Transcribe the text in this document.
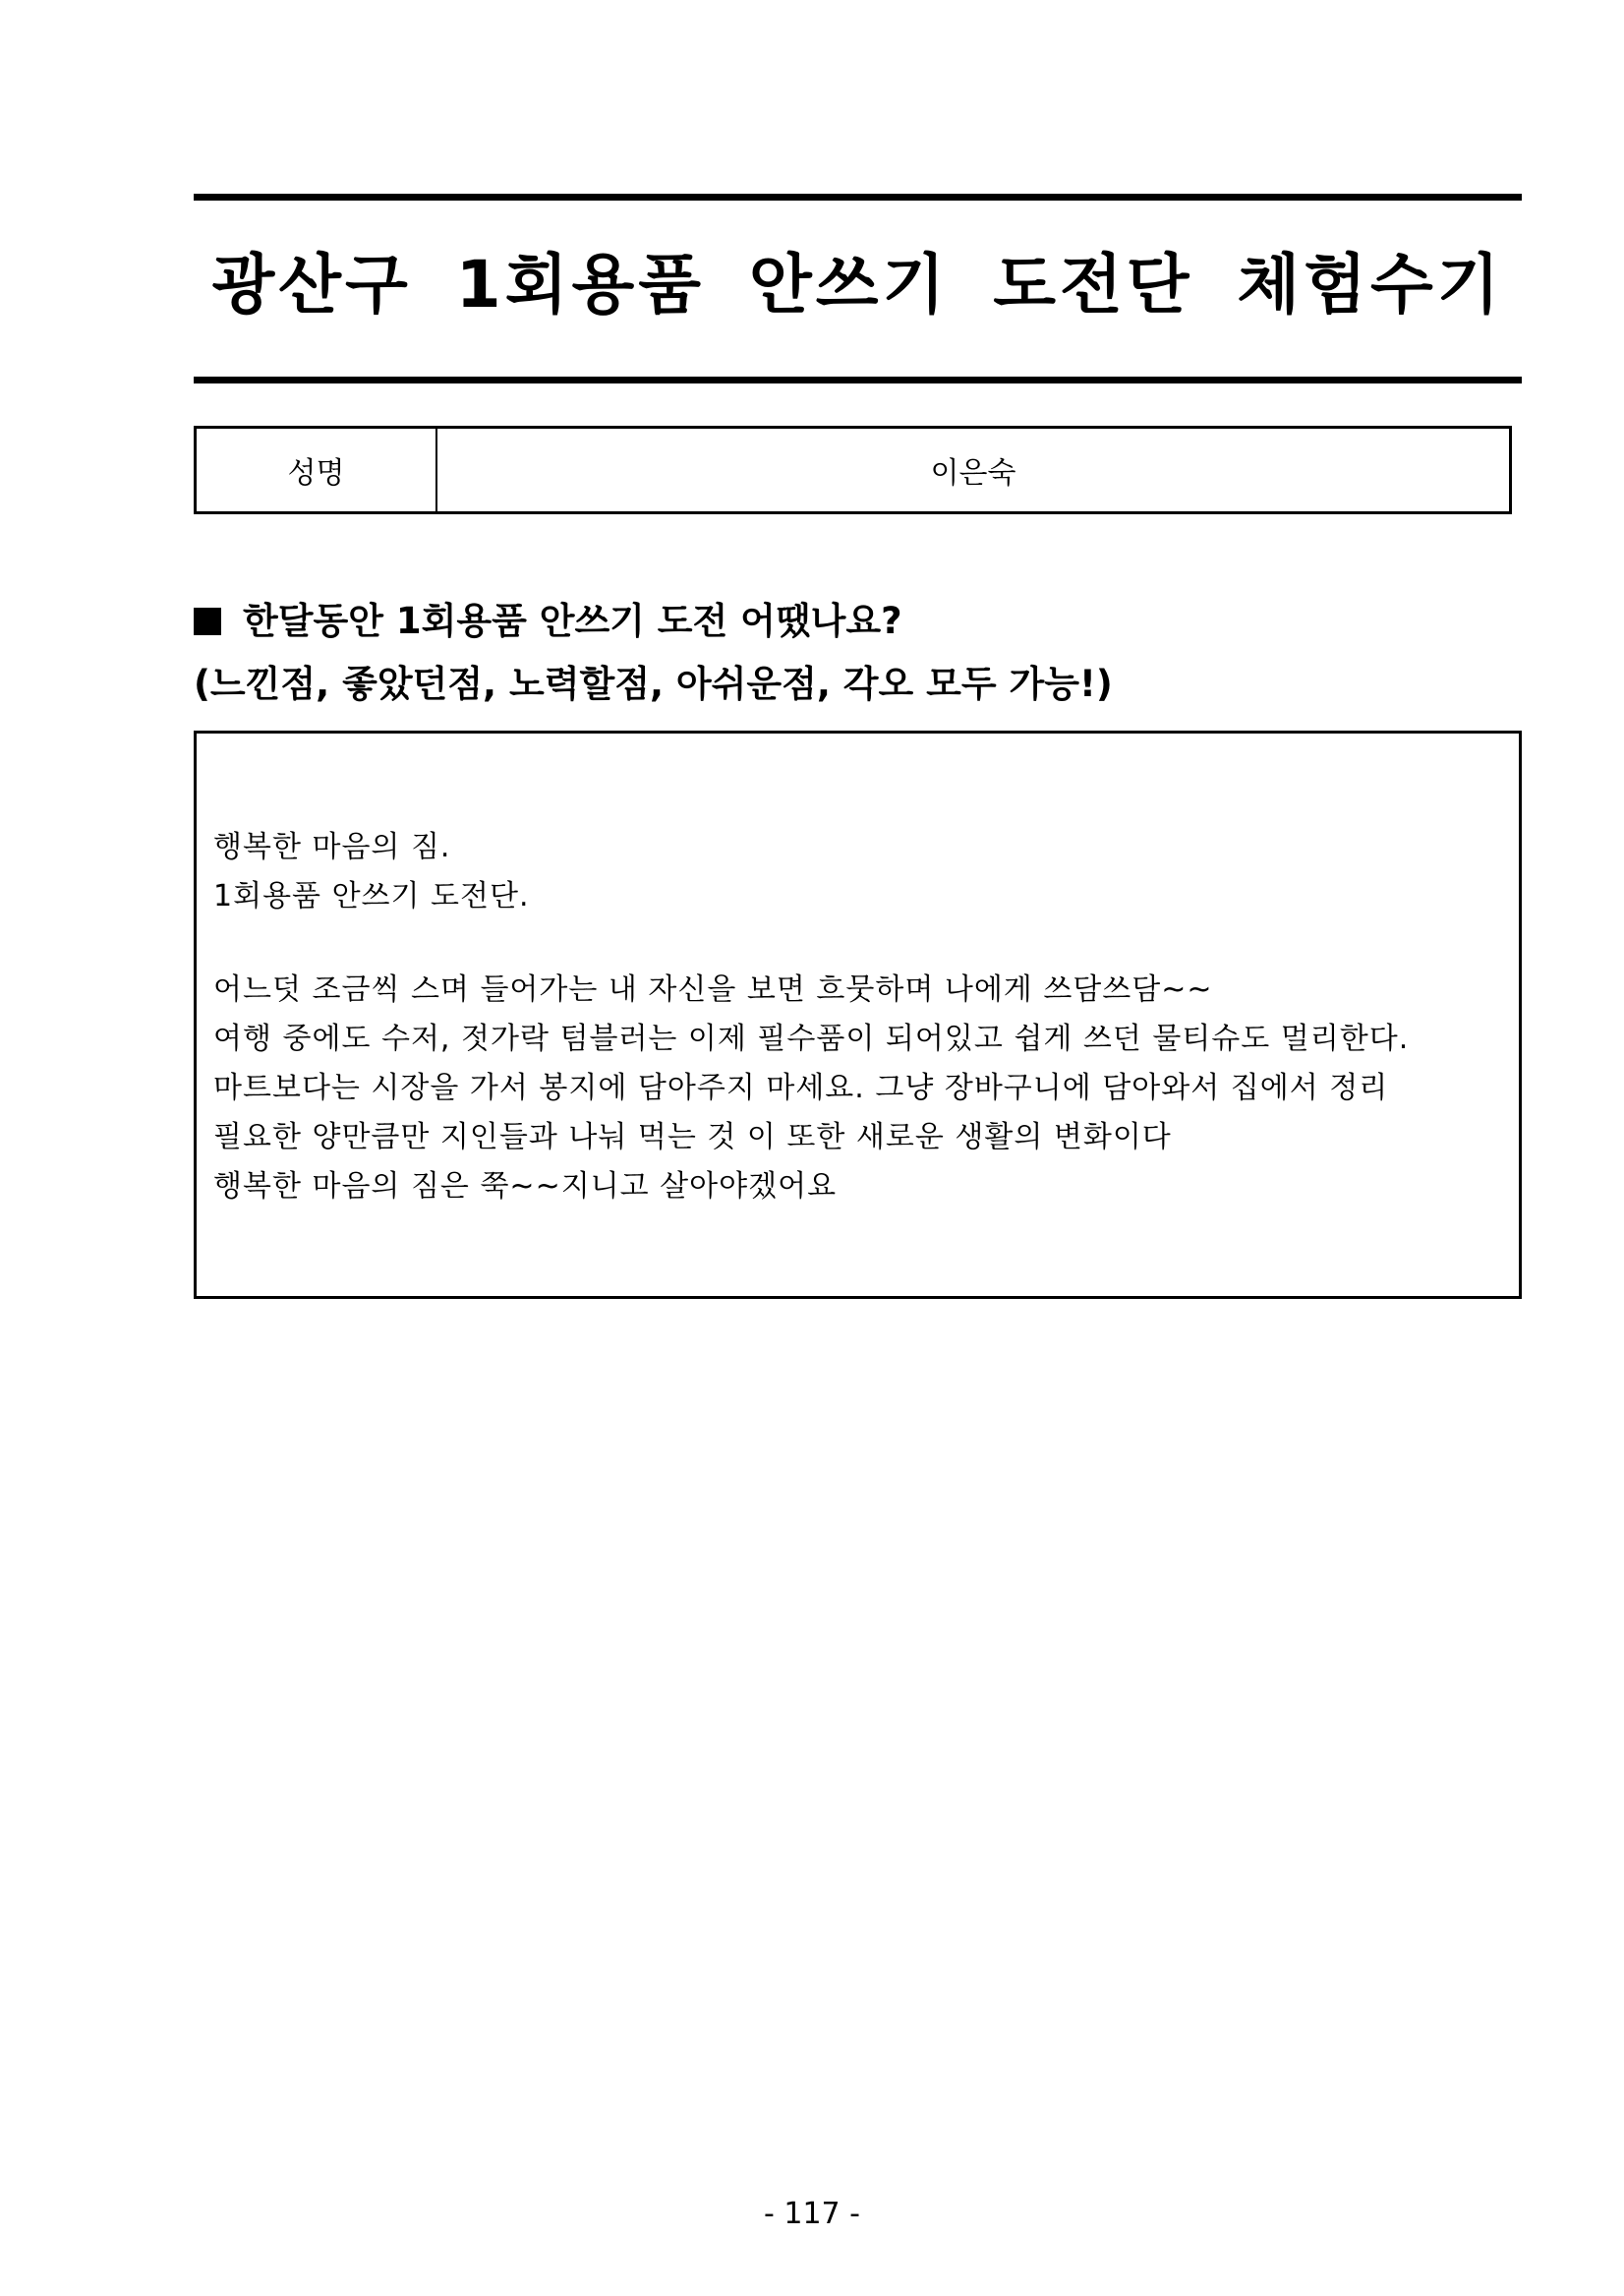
광산구 1회용품 안쓰기 도전단 체험수기
성명	이은숙
한달동안 1회용품 안쓰기 도전 어땠나요?
(느낀점, 좋았던점, 노력할점, 아쉬운점, 각오 모두 가능!)
행복한 마음의 짐.
1회용품 안쓰기 도전단.
어느덧 조금씩 스며 들어가는 내 자신을 보면 흐뭇하며 나에게 쓰담쓰담~~
여행 중에도 수저, 젓가락 텀블러는 이제 필수품이 되어있고 쉽게 쓰던 물티슈도 멀리한다.
마트보다는 시장을 가서 봉지에 담아주지 마세요. 그냥 장바구니에 담아와서 집에서 정리
필요한 양만큼만 지인들과 나눠 먹는 것 이 또한 새로운 생활의 변화이다
행복한 마음의 짐은 쭉~~지니고 살아야겠어요
- 117 -
